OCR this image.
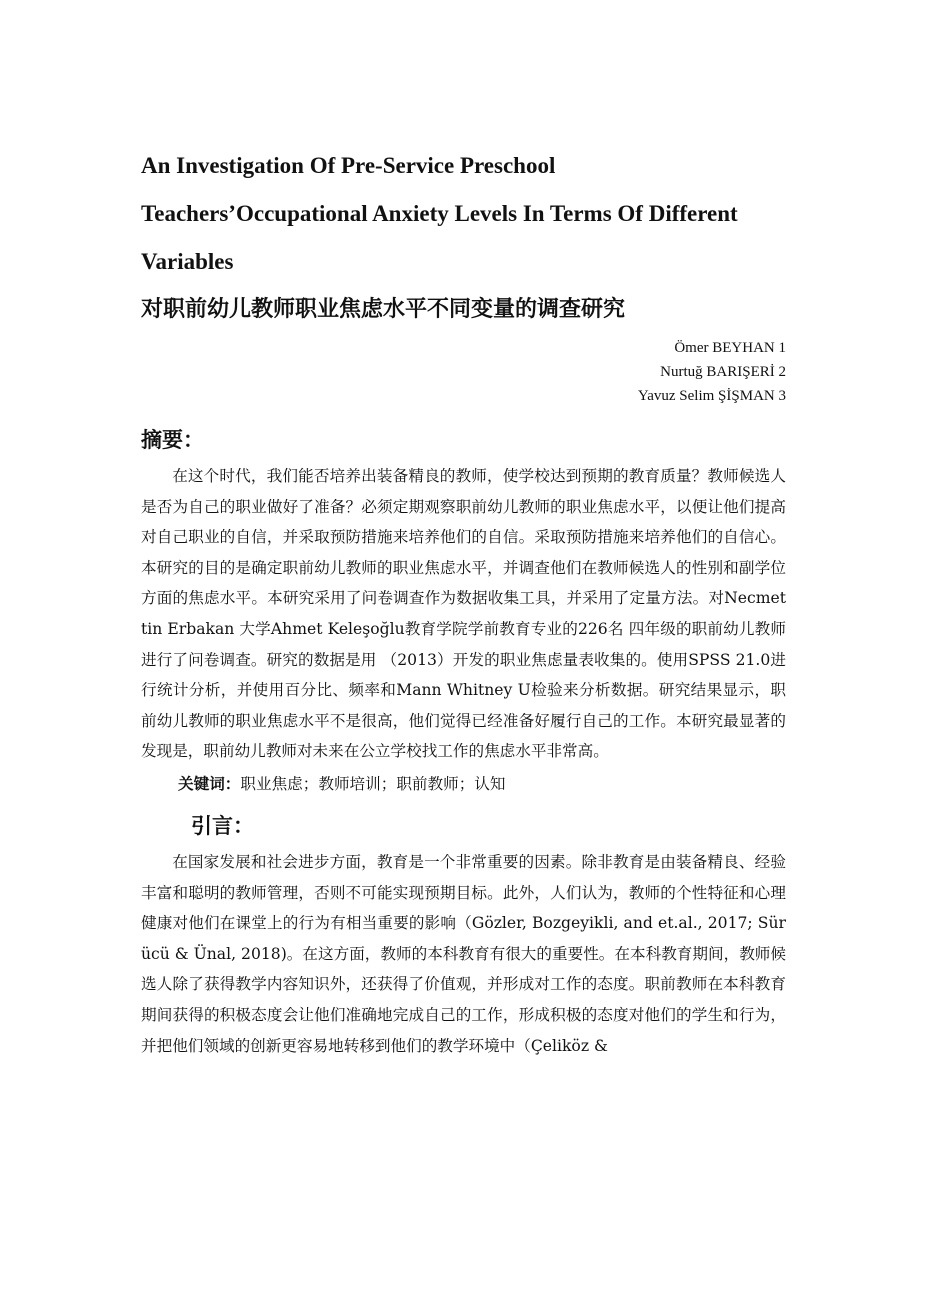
An Investigation Of Pre-Service Preschool
Teachers’Occupational Anxiety Levels In Terms Of Different
Variables
对职前幼儿教师职业焦虑水平不同变量的调查研究
Ömer BEYHAN 1
Nurtuğ BARIŞERİ 2
Yavuz Selim ŞİŞMAN 3
摘要：

在这个时代，我们能否培养出装备精良的教师，使学校达到预期的教育质量？教师候选人是否为自己的职业做好了准备？必须定期观察职前幼儿教师的职业焦虑水平，以便让他们提高对自己职业的自信，并采取预防措施来培养他们的自信。采取预防措施来培养他们的自信心。本研究的目的是确定职前幼儿教师的职业焦虑水平，并调查他们在教师候选人的性别和副学位方面的焦虑水平。本研究采用了问卷调查作为数据收集工具，并采用了定量方法。对Necmettin Erbakan 大学Ahmet Keleşoğlu教育学院学前教育专业的226名 四年级的职前幼儿教师进行了问卷调查。研究的数据是用 （2013）开发的职业焦虑量表收集的。使用SPSS 21.0进行统计分析，并使用百分比、频率和Mann Whitney U检验来分析数据。研究结果显示，职前幼儿教师的职业焦虑水平不是很高，他们觉得已经准备好履行自己的工作。本研究最显著的发现是，职前幼儿教师对未来在公立学校找工作的焦虑水平非常高。

关键词：职业焦虑；教师培训；职前教师；认知
引言：

在国家发展和社会进步方面，教育是一个非常重要的因素。除非教育是由装备精良、经验丰富和聪明的教师管理，否则不可能实现预期目标。此外，人们认为，教师的个性特征和心理健康对他们在课堂上的行为有相当重要的影响（Gözler, Bozgeyikli, and et.al., 2017; Sürücü & Ünal, 2018)。在这方面，教师的本科教育有很大的重要性。在本科教育期间，教师候选人除了获得教学内容知识外，还获得了价值观，并形成对工作的态度。职前教师在本科教育期间获得的积极态度会让他们准确地完成自己的工作，形成积极的态度对他们的学生和行为，并把他们领域的创新更容易地转移到他们的教学环境中（Çeliköz &
